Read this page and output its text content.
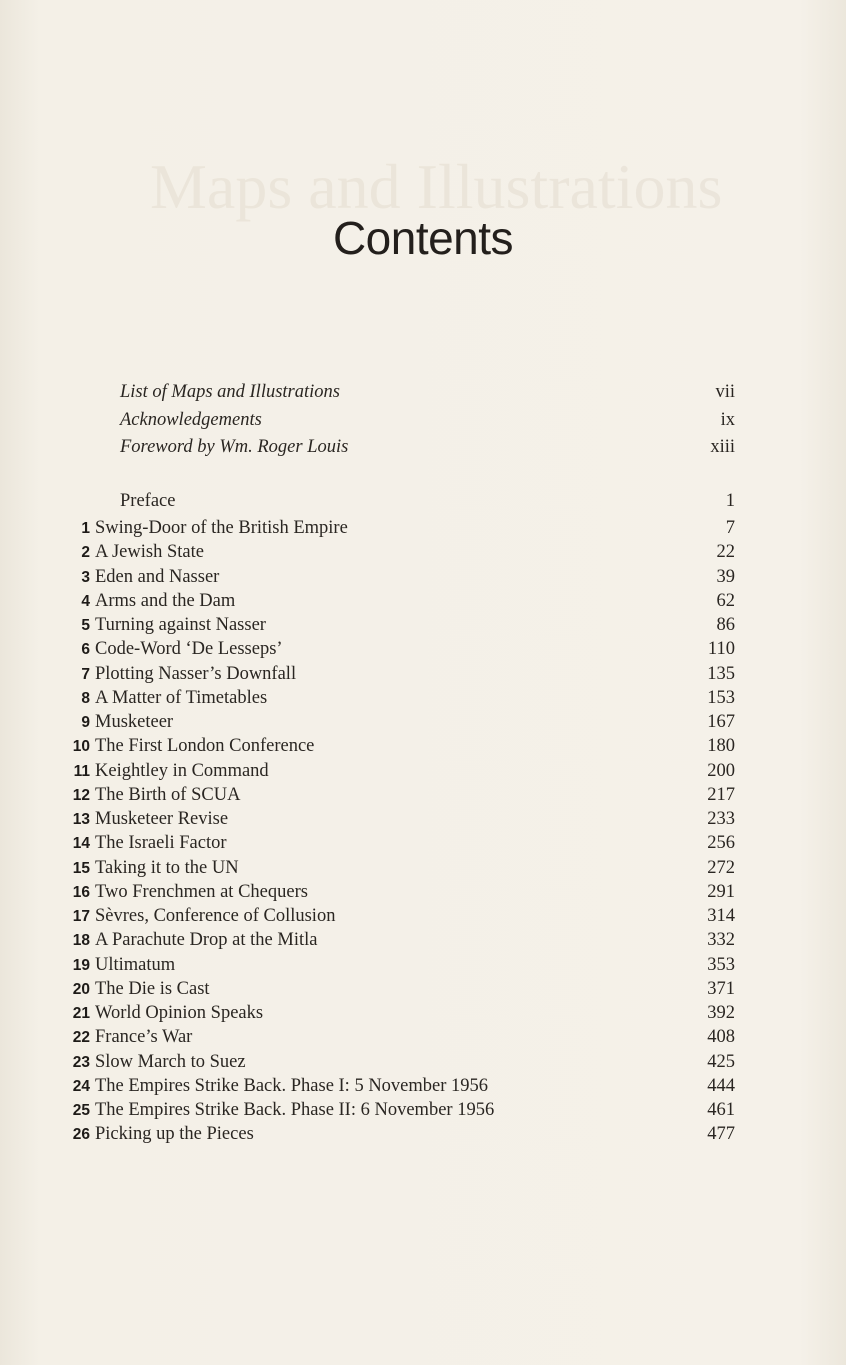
Maps and Illustrations
Contents
List of Maps and Illustrations	vii
Acknowledgements	ix
Foreword by Wm. Roger Louis	xiii
Preface	1
1 Swing-Door of the British Empire	7
2 A Jewish State	22
3 Eden and Nasser	39
4 Arms and the Dam	62
5 Turning against Nasser	86
6 Code-Word ‘De Lesseps’	110
7 Plotting Nasser’s Downfall	135
8 A Matter of Timetables	153
9 Musketeer	167
10 The First London Conference	180
11 Keightley in Command	200
12 The Birth of SCUA	217
13 Musketeer Revise	233
14 The Israeli Factor	256
15 Taking it to the UN	272
16 Two Frenchmen at Chequers	291
17 Sèvres, Conference of Collusion	314
18 A Parachute Drop at the Mitla	332
19 Ultimatum	353
20 The Die is Cast	371
21 World Opinion Speaks	392
22 France’s War	408
23 Slow March to Suez	425
24 The Empires Strike Back. Phase I: 5 November 1956	444
25 The Empires Strike Back. Phase II: 6 November 1956	461
26 Picking up the Pieces	477
